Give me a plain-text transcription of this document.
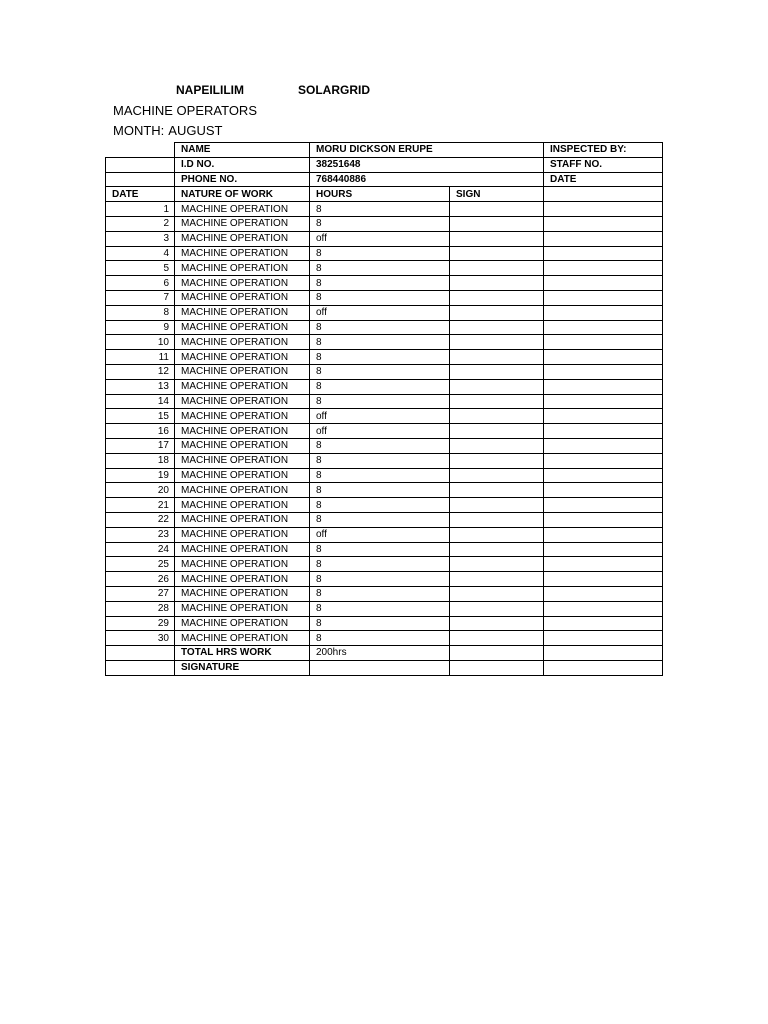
NAPEILILIM	SOLARGRID
MACHINE OPERATORS
MONTH: AUGUST
	NAME	MORU DICKSON ERUPE		INSPECTED BY:
	I.D NO.	38251648		STAFF NO.
	PHONE NO.	768440886		DATE
DATE	NATURE OF WORK	HOURS	SIGN	
1	MACHINE OPERATION	8		
2	MACHINE OPERATION	8		
3	MACHINE OPERATION	off		
4	MACHINE OPERATION	8		
5	MACHINE OPERATION	8		
6	MACHINE OPERATION	8		
7	MACHINE OPERATION	8		
8	MACHINE OPERATION	off		
9	MACHINE OPERATION	8		
10	MACHINE OPERATION	8		
11	MACHINE OPERATION	8		
12	MACHINE OPERATION	8		
13	MACHINE OPERATION	8		
14	MACHINE OPERATION	8		
15	MACHINE OPERATION	off		
16	MACHINE OPERATION	off		
17	MACHINE OPERATION	8		
18	MACHINE OPERATION	8		
19	MACHINE OPERATION	8		
20	MACHINE OPERATION	8		
21	MACHINE OPERATION	8		
22	MACHINE OPERATION	8		
23	MACHINE OPERATION	off		
24	MACHINE OPERATION	8		
25	MACHINE OPERATION	8		
26	MACHINE OPERATION	8		
27	MACHINE OPERATION	8		
28	MACHINE OPERATION	8		
29	MACHINE OPERATION	8		
30	MACHINE OPERATION	8		
	TOTAL HRS WORK	200hrs		
	SIGNATURE			
